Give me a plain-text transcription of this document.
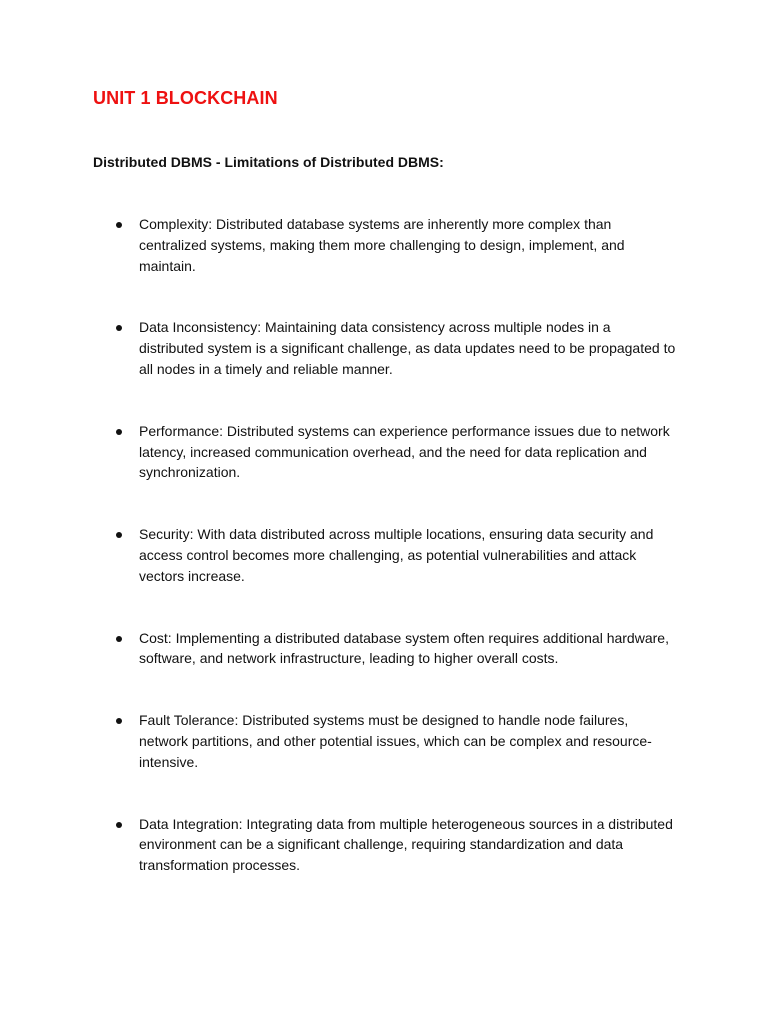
UNIT 1 BLOCKCHAIN
Distributed DBMS - Limitations of Distributed DBMS:
Complexity: Distributed database systems are inherently more complex than centralized systems, making them more challenging to design, implement, and maintain.
Data Inconsistency: Maintaining data consistency across multiple nodes in a distributed system is a significant challenge, as data updates need to be propagated to all nodes in a timely and reliable manner.
Performance: Distributed systems can experience performance issues due to network latency, increased communication overhead, and the need for data replication and synchronization.
Security: With data distributed across multiple locations, ensuring data security and access control becomes more challenging, as potential vulnerabilities and attack vectors increase.
Cost: Implementing a distributed database system often requires additional hardware, software, and network infrastructure, leading to higher overall costs.
Fault Tolerance: Distributed systems must be designed to handle node failures, network partitions, and other potential issues, which can be complex and resource-intensive.
Data Integration: Integrating data from multiple heterogeneous sources in a distributed environment can be a significant challenge, requiring standardization and data transformation processes.
